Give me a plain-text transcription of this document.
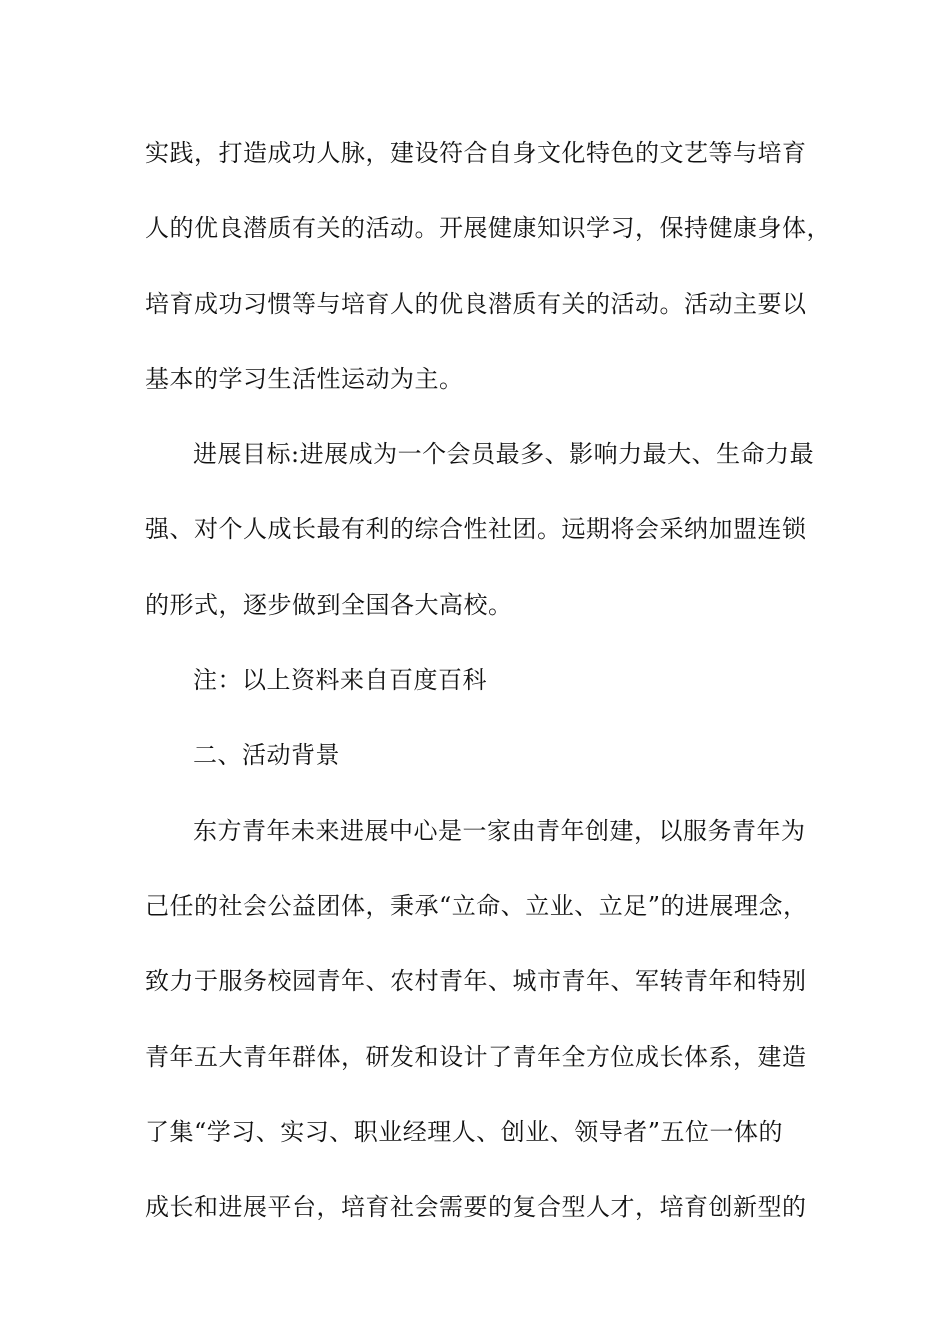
实践，打造成功人脉，建设符合自身文化特色的文艺等与培育
人的优良潜质有关的活动。开展健康知识学习，保持健康身体，
培育成功习惯等与培育人的优良潜质有关的活动。活动主要以
基本的学习生活性运动为主。
进展目标:进展成为一个会员最多、影响力最大、生命力最
强、对个人成长最有利的综合性社团。远期将会采纳加盟连锁
的形式，逐步做到全国各大高校。
注：以上资料来自百度百科
二、活动背景
东方青年未来进展中心是一家由青年创建，以服务青年为
己任的社会公益团体，秉承“立命、立业、立足”的进展理念，
致力于服务校园青年、农村青年、城市青年、军转青年和特别
青年五大青年群体，研发和设计了青年全方位成长体系，建造
了集“学习、实习、职业经理人、创业、领导者”五位一体的
成长和进展平台，培育社会需要的复合型人才，培育创新型的
